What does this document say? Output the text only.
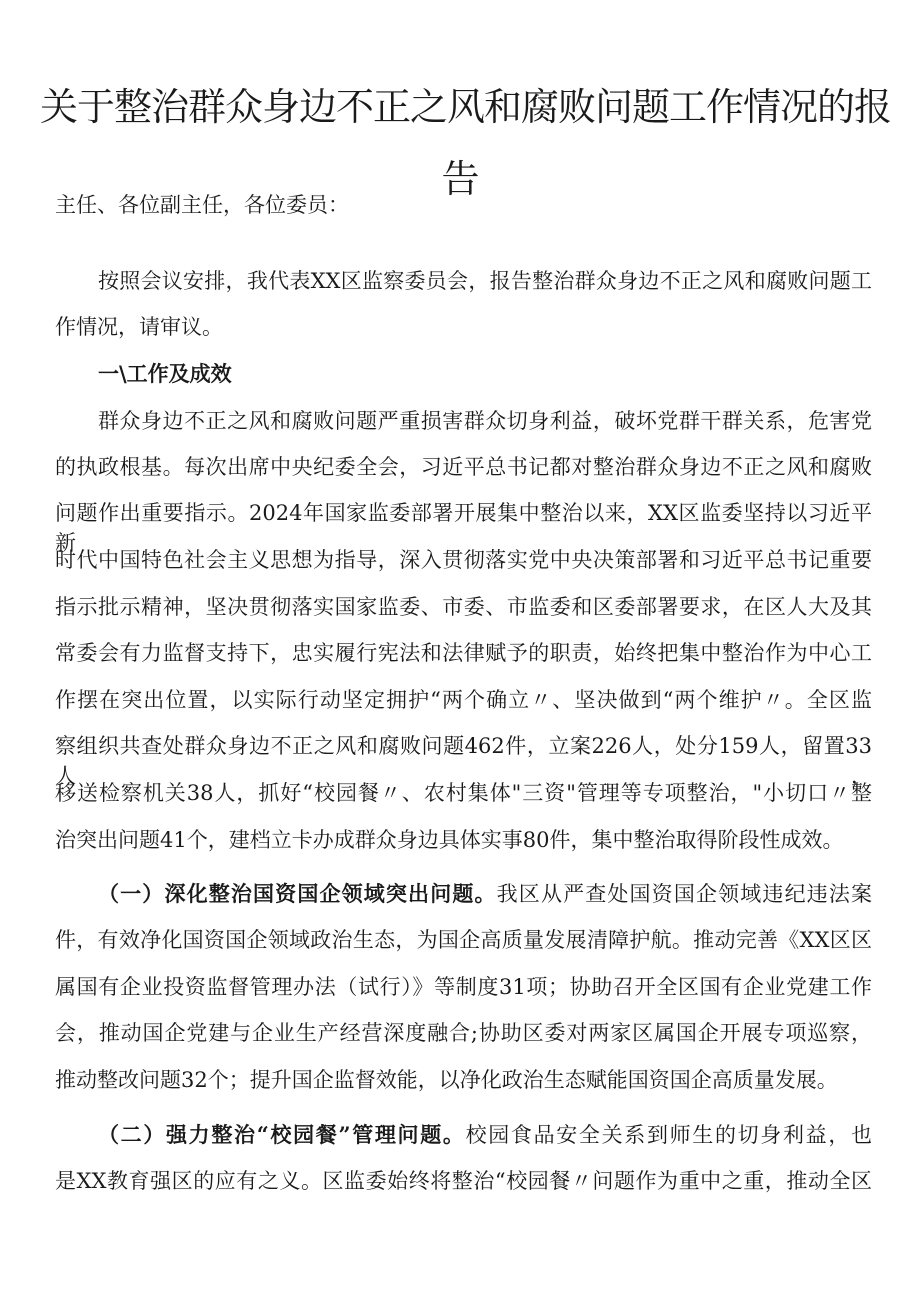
关于整治群众身边不正之风和腐败问题工作情况的报
告
主任、各位副主任，各位委员：
按照会议安排，我代表XX区监察委员会，报告整治群众身边不正之风和腐败问题工
作情况，请审议。
一\工作及成效
群众身边不正之风和腐败问题严重损害群众切身利益，破坏党群干群关系，危害党
的执政根基。每次出席中央纪委全会，习近平总书记都对整治群众身边不正之风和腐败
问题作出重要指示。2024年国家监委部署开展集中整治以来，XX区监委坚持以习近平新
时代中国特色社会主义思想为指导，深入贯彻落实党中央决策部署和习近平总书记重要
指示批示精神，坚决贯彻落实国家监委、市委、市监委和区委部署要求，在区人大及其
常委会有力监督支持下，忠实履行宪法和法律赋予的职责，始终把集中整治作为中心工
作摆在突出位置，以实际行动坚定拥护“两个确立〃、坚决做到“两个维护〃。全区监
察组织共查处群众身边不正之风和腐败问题462件，立案226人，处分159人，留置33人，
移送检察机关38人，抓好“校园餐〃、农村集体"三资"管理等专项整治，"小切口〃整
治突出问题41个，建档立卡办成群众身边具体实事80件，集中整治取得阶段性成效。
（一）深化整治国资国企领域突出问题。我区从严查处国资国企领域违纪违法案
件，有效净化国资国企领域政治生态，为国企高质量发展清障护航。推动完善《XX区区
属国有企业投资监督管理办法（试行）》等制度31项；协助召开全区国有企业党建工作
会，推动国企党建与企业生产经营深度融合;协助区委对两家区属国企开展专项巡察，
推动整改问题32个；提升国企监督效能，以净化政治生态赋能国资国企高质量发展。
（二）强力整治“校园餐”管理问题。校园食品安全关系到师生的切身利益，也
是XX教育强区的应有之义。区监委始终将整治“校园餐〃问题作为重中之重，推动全区
